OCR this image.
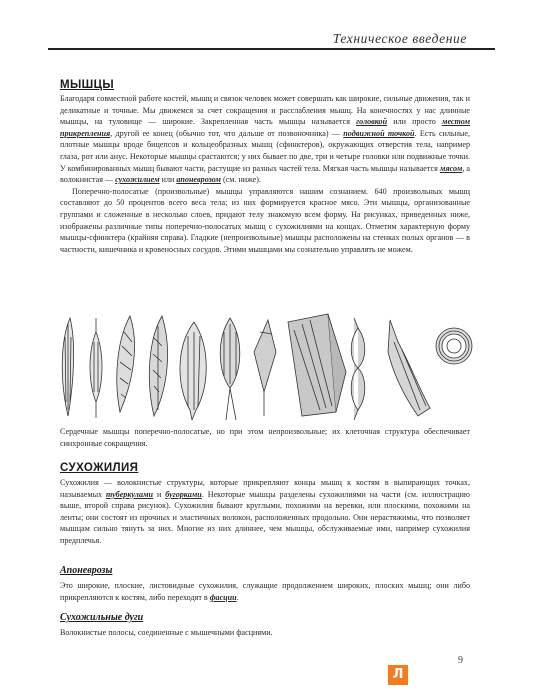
Техническое введение
МЫШЦЫ

Благодаря совместной работе костей, мышц и связок человек может совершать как широкие, сильные движения, так и деликатные и точные. Мы движемся за счет сокращения и расслабления мышц. На конечностях у нас длинные мышцы, на туловище — широкие. Закрепленная часть мышцы называется головкой или просто местом прикрепления, другой ее конец (обычно тот, что дальше от позвоночника) — подвижной точкой. Есть сильные, плотные мышцы вроде бицепсов и кольцеобразных мышц (сфинктеров), окружающих отверстия тела, например глаза, рот или анус. Некоторые мышцы срастаются; у них бывает по две, три и четыре головки или подвижные точки. У комбинированных мышц бывают части, растущие из разных частей тела. Мягкая часть мышцы называется мясом, а волокнистая — сухожилием или апоневрозом (см. ниже).

Поперечно-полосатые (произвольные) мышцы управляются нашим сознанием. 640 произвольных мышц составляют до 50 процентов всего веса тела; из них формируется красное мясо. Эти мышцы, организованные группами и сложенные в несколько слоев, придают телу знакомую всем форму. На рисунках, приведенных ниже, изображены различные типы поперечно-полосатых мышц с сухожилиями на концах. Отметим характерную форму мышцы-сфинктера (крайняя справа). Гладкие (непроизвольные) мышцы расположены на стенках полых органов — в частности, кишечника и кровеносных сосудов. Этими мышцами мы сознательно управлять не можем.

Сердечные мышцы поперечно-полосатые, но при этом непроизвольные; их клеточная структура обеспечивает синхронные сокращения.

СУХОЖИЛИЯ

Сухожилия — волокнистые структуры, которые прикрепляют концы мышц к костям в выпирающих точках, называемых туберкулами и бугорками. Некоторые мышцы разделены сухожилиями на части (см. иллюстрацию выше, второй справа рисунок). Сухожилия бывают круглыми, похожими на веревки, или плоскими, похожими на ленты; они состоят из прочных и эластичных волокон, расположенных продольно. Они нерастяжимы, что позволяет мышцам сильно тянуть за них. Многие из них длиннее, чем мышцы, обслуживаемые ими, например сухожилия предплечья.

Апоневрозы

Это широкие, плоские, листовидные сухожилия, служащие продолжением широких, плоских мышц; они либо прикрепляются к костям, либо переходят в фасции.

Сухожильные дуги

Волокнистые полосы, соединенные с мышечными фасциями.

9
Л
